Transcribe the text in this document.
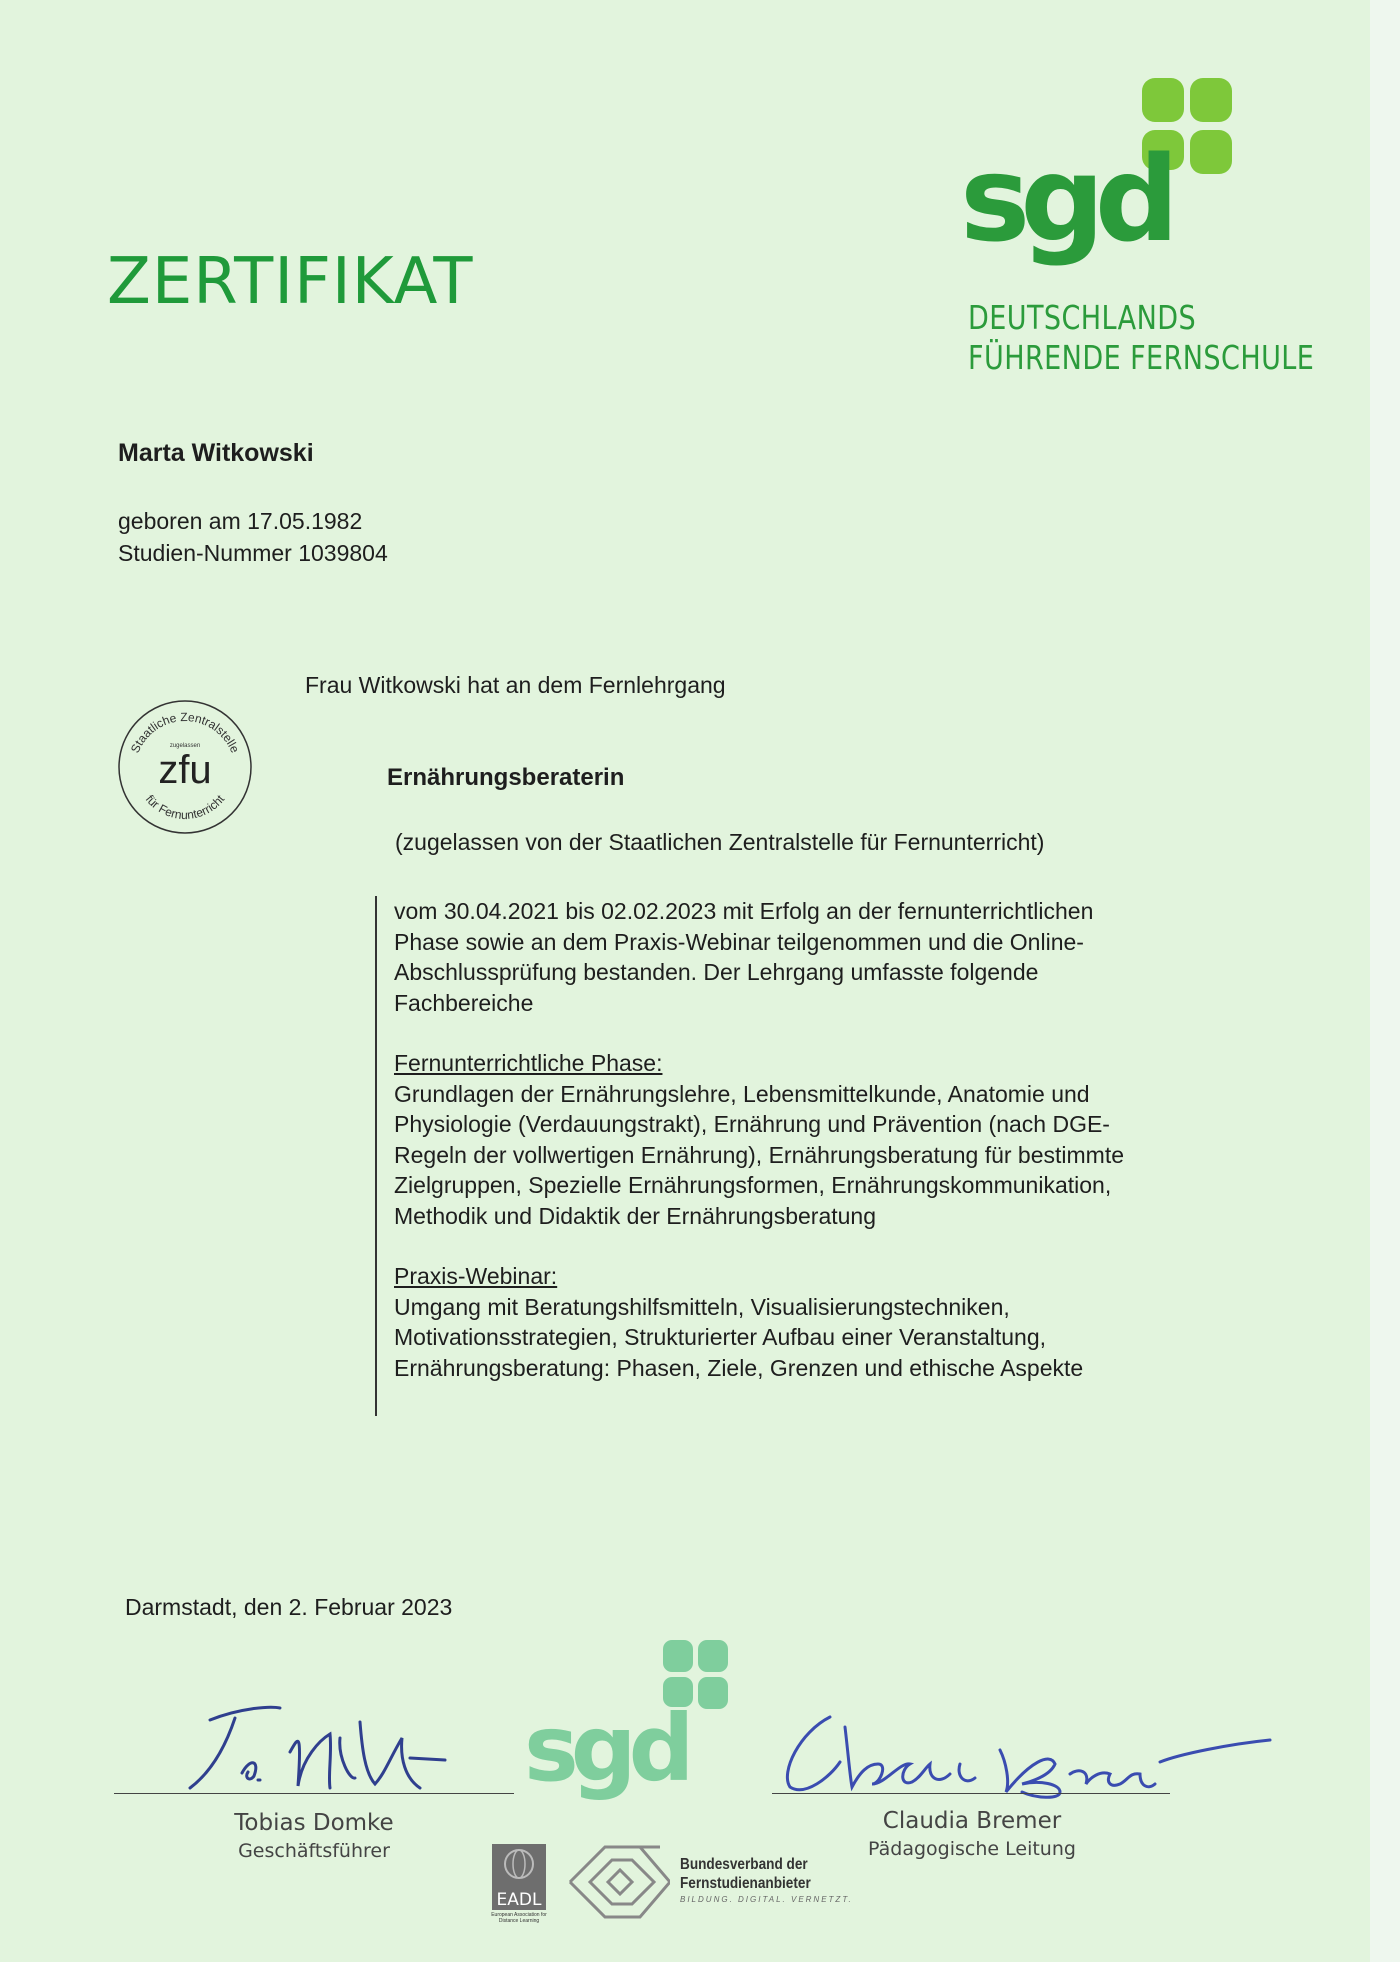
ZERTIFIKAT
sgd
DEUTSCHLANDS
FÜHRENDE FERNSCHULE
Marta Witkowski
geboren am 17.05.1982
Studien-Nummer 1039804
Frau Witkowski hat an dem Fernlehrgang
Staatliche Zentralstelle
zugelassen
zfu
für Fernunterricht
Ernährungsberaterin
(zugelassen von der Staatlichen Zentralstelle für Fernunterricht)

vom 30.04.2021 bis 02.02.2023 mit Erfolg an der fernunterrichtlichen

Phase sowie an dem Praxis-Webinar teilgenommen und die Online-

Abschlussprüfung bestanden. Der Lehrgang umfasste folgende

Fachbereiche

Fernunterrichtliche Phase:

Grundlagen der Ernährungslehre, Lebensmittelkunde, Anatomie und

Physiologie (Verdauungstrakt), Ernährung und Prävention (nach DGE-

Regeln der vollwertigen Ernährung), Ernährungsberatung für bestimmte

Zielgruppen, Spezielle Ernährungsformen, Ernährungskommunikation,

Methodik und Didaktik der Ernährungsberatung

Praxis-Webinar:

Umgang mit Beratungshilfsmitteln, Visualisierungstechniken,

Motivationsstrategien, Strukturierter Aufbau einer Veranstaltung,

Ernährungsberatung: Phasen, Ziele, Grenzen und ethische Aspekte

Darmstadt, den 2. Februar 2023
sgd
Tobias Domke
Geschäftsführer
Claudia Bremer
Pädagogische Leitung
EADL
European Association for Distance Learning
Bundesverband der
Fernstudienanbieter
BILDUNG. DIGITAL. VERNETZT.
